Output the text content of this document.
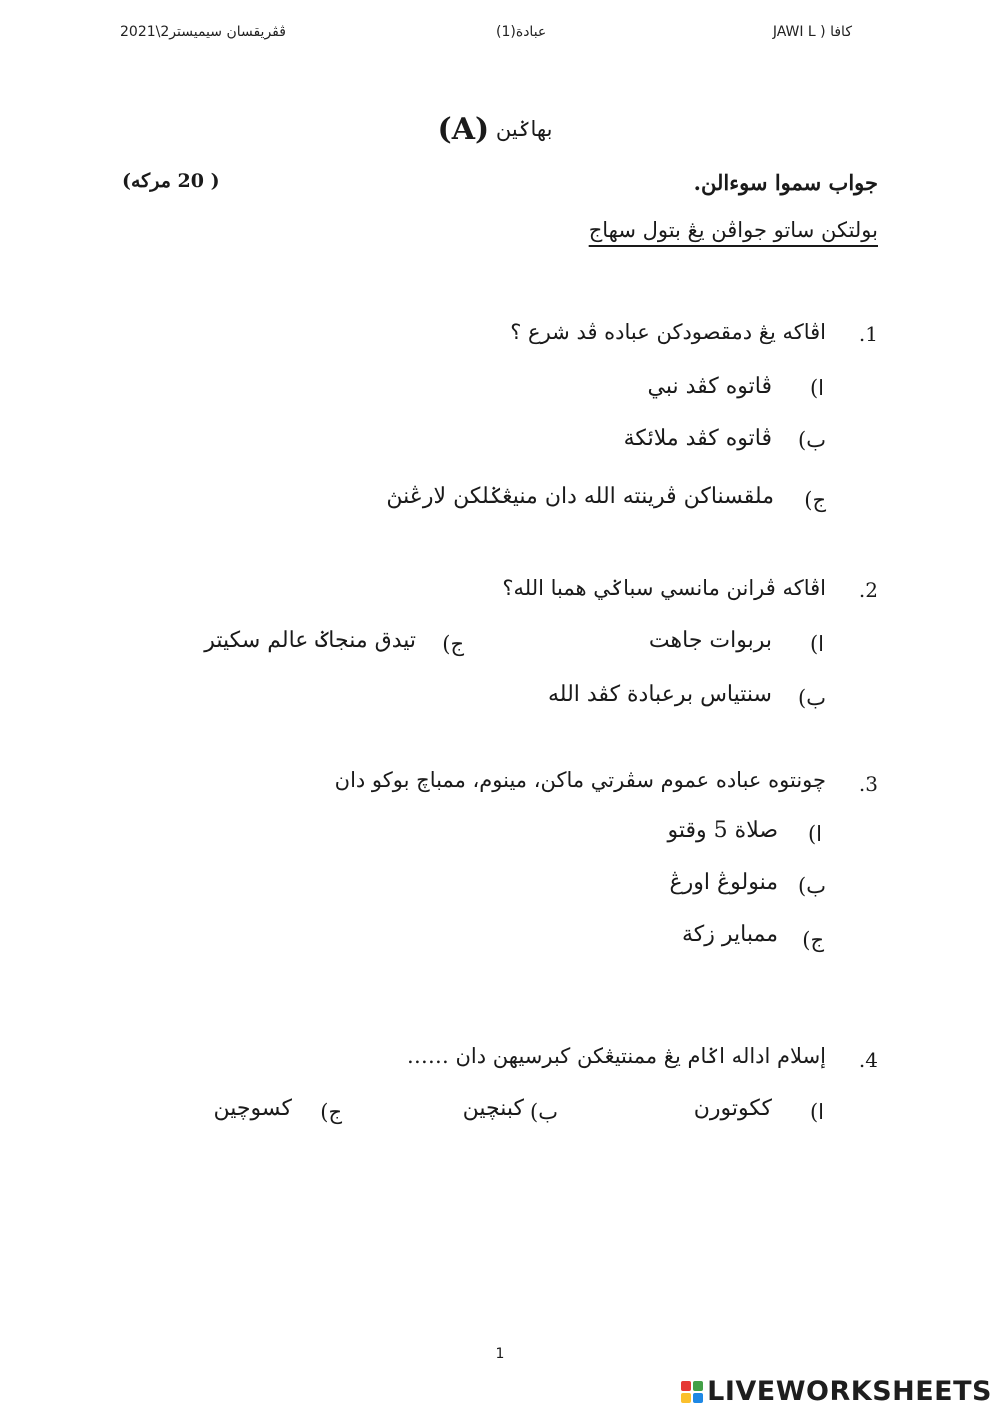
كافا ( JAWI L
عبادة(1)
ڤڤريقسان سيميستر2\2021
(A) بهاݢين
جواب سموا سوءالن.
( 20 مركه)
بولتكن ساتو جواڤن يڠ بتول سهاج
.1
اڤاكه يڠ دمقصودكن عباده ڤد شرع ؟
ا)
ڤاتوه كڤد نبي
ب)
ڤاتوه كڤد ملائكة
ج)
ملقسناكن ڤرينته الله دان منيڠݢلكن لارڠنڽ
.2
اڤاكه ڤرانن مانسي سباݢي همبا الله؟
ا)
بربوات جاهت
ج)
تيدق منجاݢ عالم سكيتر
ب)
سنتياس برعبادة كڤد الله
.3
چونتوه عباده عموم سڤرتي ماكن، مينوم، ممباچ بوكو دان
ا)
صلاة 5 وقتو
ب)
منولوڠ اورڠ
ج)
ممباير زكة
.4
إسلام اداله اݢام يڠ ممنتيڠكن كبرسيهن دان ……
ا)
ككوتورن
ب)
كبنچين
ج)
كسوچين
1
LIVEWORKSHEETS
